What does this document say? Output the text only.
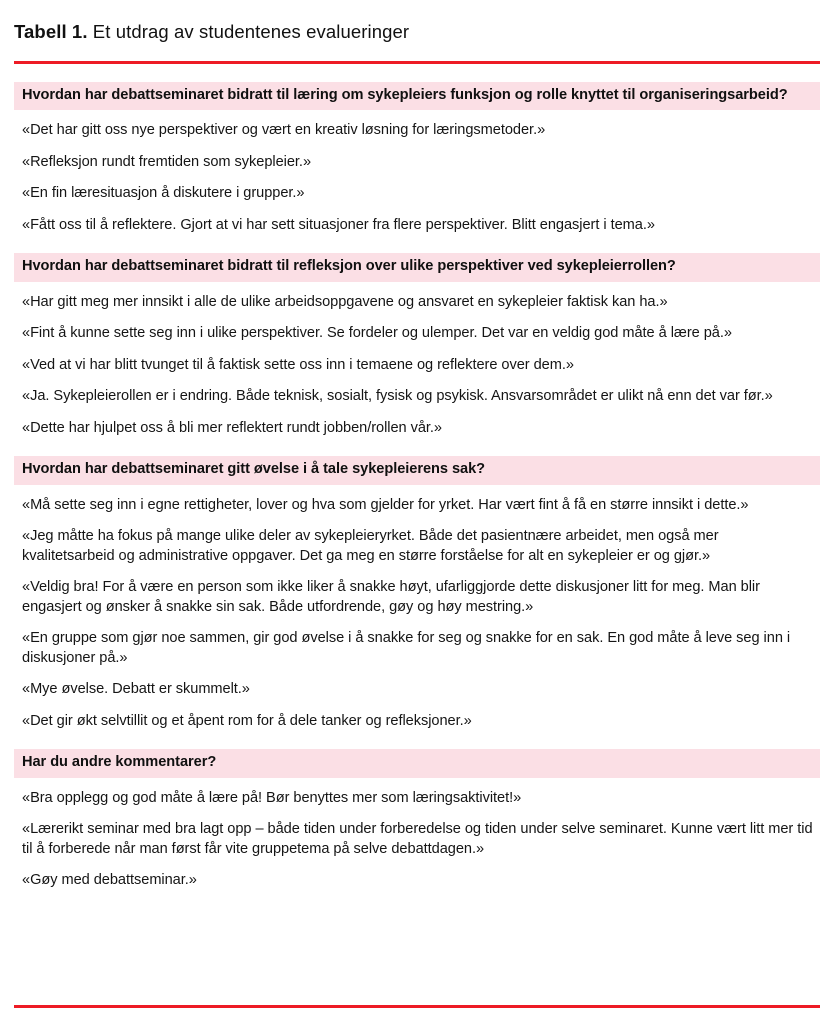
Tabell 1. Et utdrag av studentenes evalueringer
Hvordan har debattseminaret bidratt til læring om sykepleiers funksjon og rolle knyttet til organiseringsarbeid?
«Det har gitt oss nye perspektiver og vært en kreativ løsning for læringsmetoder.»
«Refleksjon rundt fremtiden som sykepleier.»
«En fin læresituasjon å diskutere i grupper.»
«Fått oss til å reflektere. Gjort at vi har sett situasjoner fra flere perspektiver. Blitt engasjert i tema.»
Hvordan har debattseminaret bidratt til refleksjon over ulike perspektiver ved sykepleierrollen?
«Har gitt meg mer innsikt i alle de ulike arbeidsoppgavene og ansvaret en sykepleier faktisk kan ha.»
«Fint å kunne sette seg inn i ulike perspektiver. Se fordeler og ulemper. Det var en veldig god måte å lære på.»
«Ved at vi har blitt tvunget til å faktisk sette oss inn i temaene og reflektere over dem.»
«Ja. Sykepleierollen er i endring. Både teknisk, sosialt, fysisk og psykisk. Ansvarsområdet er ulikt nå enn det var før.»
«Dette har hjulpet oss å bli mer reflektert rundt jobben/rollen vår.»
Hvordan har debattseminaret gitt øvelse i å tale sykepleierens sak?
«Må sette seg inn i egne rettigheter, lover og hva som gjelder for yrket. Har vært fint å få en større innsikt i dette.»
«Jeg måtte ha fokus på mange ulike deler av sykepleieryrket. Både det pasientnære arbeidet, men også mer kvalitetsarbeid og administrative oppgaver. Det ga meg en større forståelse for alt en sykepleier er og gjør.»
«Veldig bra! For å være en person som ikke liker å snakke høyt, ufarliggjorde dette diskusjoner litt for meg. Man blir engasjert og ønsker å snakke sin sak. Både utfordrende, gøy og høy mestring.»
«En gruppe som gjør noe sammen, gir god øvelse i å snakke for seg og snakke for en sak. En god måte å leve seg inn i diskusjoner på.»
«Mye øvelse. Debatt er skummelt.»
«Det gir økt selvtillit og et åpent rom for å dele tanker og refleksjoner.»
Har du andre kommentarer?
«Bra opplegg og god måte å lære på! Bør benyttes mer som læringsaktivitet!»
«Lærerikt seminar med bra lagt opp – både tiden under forberedelse og tiden under selve seminaret. Kunne vært litt mer tid til å forberede når man først får vite gruppetema på selve debattdagen.»
«Gøy med debattseminar.»
